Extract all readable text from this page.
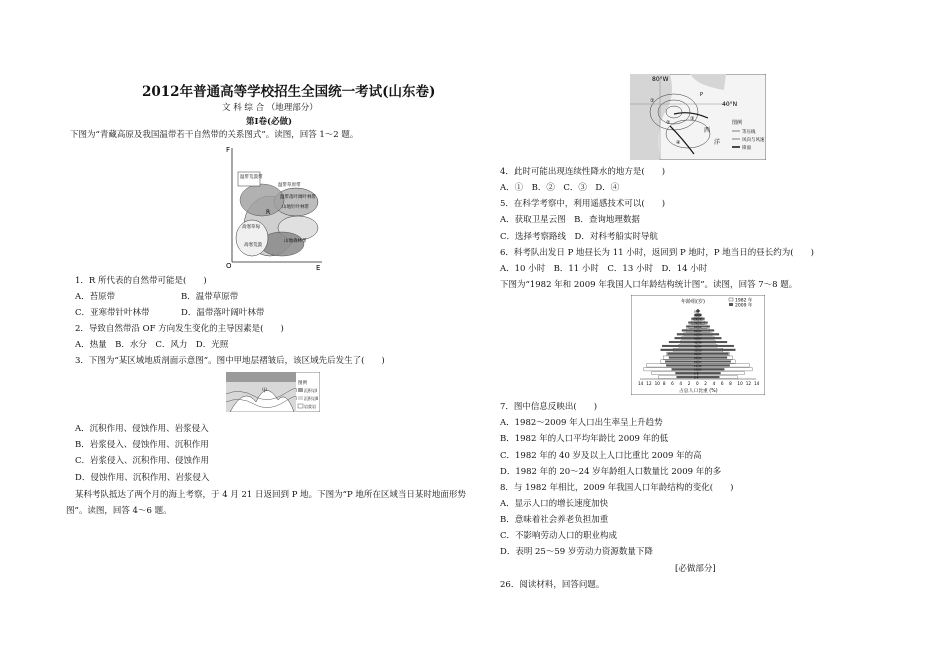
2012年普通高等学校招生全国统一考试(山东卷)
文 科 综 合 （地理部分）
第Ⅰ卷(必做)
下图为“青藏高原及我国温带若干自然带的关系图式”。读图，回答 1～2 题。
F
O	E
温带荒漠带
温带草原带
温带落叶阔叶林带
山地针叶林带
高寒草甸
高寒荒漠
山地森林带
R
1．R 所代表的自然带可能是(　　)
A．苔原带	B．温带草原带
C．亚寒带针叶林带	D．温带落叶阔叶林带
2．导致自然带沿 OF 方向发生变化的主导因素是(　　)
A．热量　B．水分　C．风力　D．光照
3．下图为“某区域地质剖面示意图”。图中甲地层褶皱后，该区域先后发生了(　　)
甲
图例
沉积岩Ⅰ
沉积岩Ⅱ
岩浆岩
A．沉积作用、侵蚀作用、岩浆侵入
B．岩浆侵入、侵蚀作用、沉积作用
C．岩浆侵入、沉积作用、侵蚀作用
D．侵蚀作用、沉积作用、岩浆侵入
某科考队抵达了两个月的海上考察，于 4 月 21 日返回到 P 地。下图为“P 地所在区域当日某时地面形势
图”。读图，回答 4～6 题。
80°W
40°N
西
洋
①
②
③
④
P
图例
等压线
风向与风速
锋面
4．此时可能出现连续性降水的地方是(　　)
A．①　B．②　C．③　D．④
5．在科学考察中，利用遥感技术可以(　　)
A．获取卫星云图　B．查询地理数据
C．选择考察路线　D．对科考船实时导航
6．科考队出发日 P 地昼长为 11 小时，返回到 P 地时，P 地当日的昼长约为(　　)
A．10 小时　B．11 小时　C．13 小时　D．14 小时
下图为“1982 年和 2009 年我国人口年龄结构统计图”。读图，回答 7～8 题。
年龄组(岁)	1982 年
2009 年
0-4
5-9
10-14
15-19
20-24
25-29
30-34
35-39
40-44
45-49
50-54
55-59
60-64
65-69
70-74
75-79
80-84
85+
14 12 10 8 6 4 2 0 2 4 6 8 10 12 14
占总人口比重 (%)
7．图中信息反映出(　　)
A．1982～2009 年人口出生率呈上升趋势
B．1982 年的人口平均年龄比 2009 年的低
C．1982 年的 40 岁及以上人口比重比 2009 年的高
D．1982 年的 20～24 岁年龄组人口数量比 2009 年的多
8．与 1982 年相比，2009 年我国人口年龄结构的变化(　　)
A．显示人口的增长速度加快
B．意味着社会养老负担加重
C．不影响劳动人口的职业构成
D．表明 25～59 岁劳动力资源数量下降
[必做部分]
26．阅读材料，回答问题。
